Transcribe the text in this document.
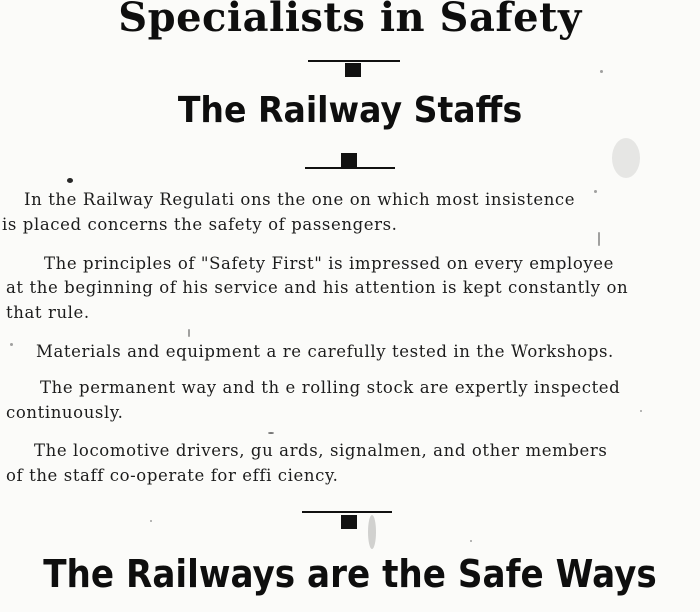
Specialists in Safety
The Railway Staffs
In the Railway Regulati ons the one on which most insistence
is placed concerns the safety of passengers.
The principles of "Safety First" is impressed on every employee
at the beginning of his service and his attention is kept constantly on
that rule.
Materials and equipment a re carefully tested in the Workshops.
The permanent way and th e rolling stock are expertly inspected
continuously.
The locomotive drivers, gu ards, signalmen, and other members
of the staff co-operate for effi ciency.
The Railways are the Safe Ways
